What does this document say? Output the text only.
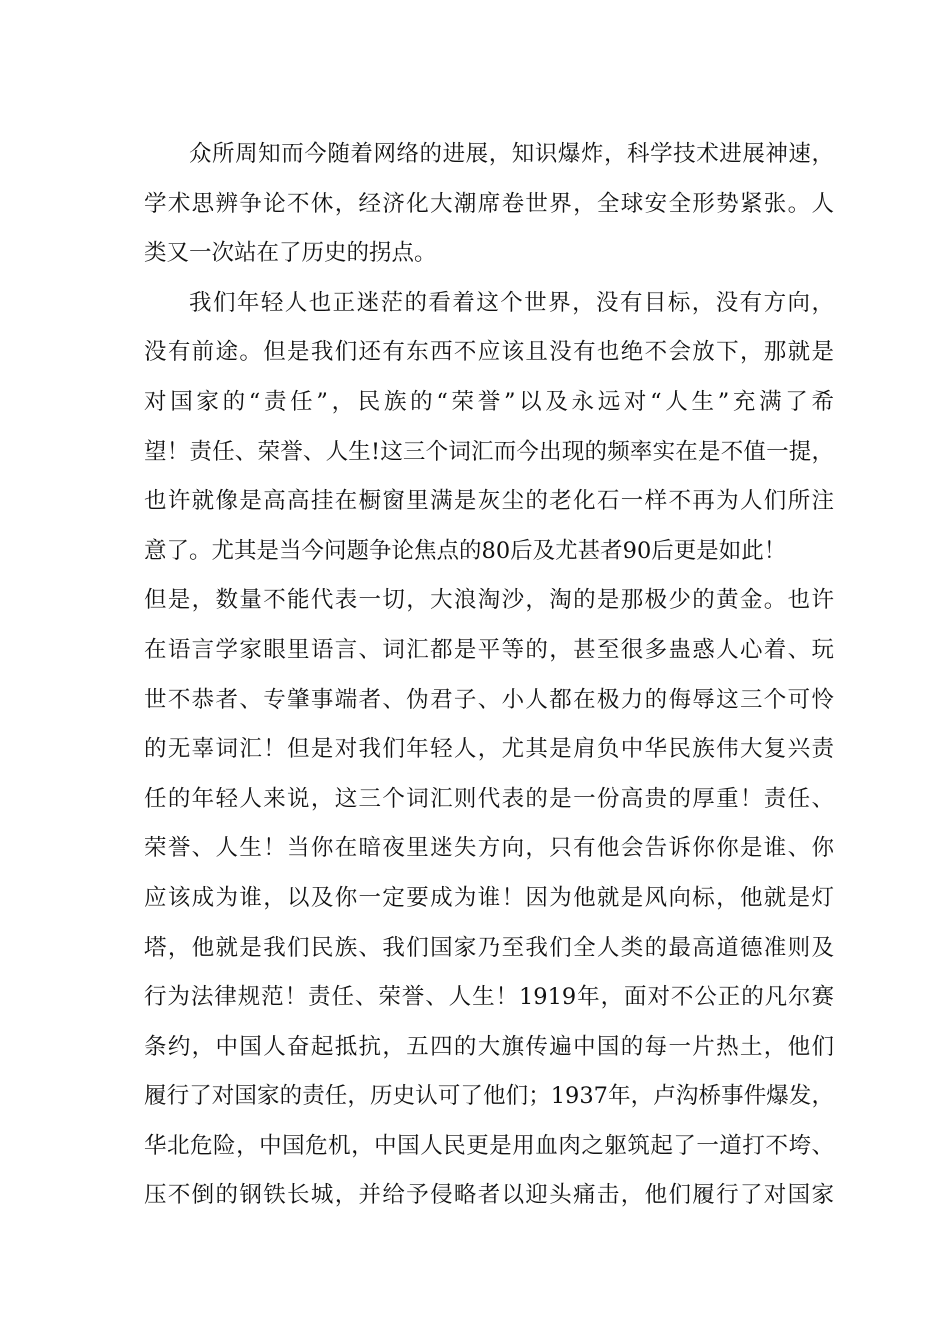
众所周知而今随着网络的进展，知识爆炸，科学技术进展神速，
学术思辨争论不休，经济化大潮席卷世界，全球安全形势紧张。人
类又一次站在了历史的拐点。

我们年轻人也正迷茫的看着这个世界，没有目标，没有方向，
没有前途。但是我们还有东西不应该且没有也绝不会放下，那就是
对国家的“责任”，民族的“荣誉”以及永远对“人生”充满了希
望！责任、荣誉、人生!这三个词汇而今出现的频率实在是不值一提，
也许就像是高高挂在橱窗里满是灰尘的老化石一样不再为人们所注
意了。尤其是当今问题争论焦点的80后及尤甚者90后更是如此！
但是，数量不能代表一切，大浪淘沙，淘的是那极少的黄金。也许
在语言学家眼里语言、词汇都是平等的，甚至很多蛊惑人心着、玩
世不恭者、专肇事端者、伪君子、小人都在极力的侮辱这三个可怜
的无辜词汇！但是对我们年轻人，尤其是肩负中华民族伟大复兴责
任的年轻人来说，这三个词汇则代表的是一份高贵的厚重！责任、
荣誉、人生！当你在暗夜里迷失方向，只有他会告诉你你是谁、你
应该成为谁，以及你一定要成为谁！因为他就是风向标，他就是灯
塔，他就是我们民族、我们国家乃至我们全人类的最高道德准则及
行为法律规范！责任、荣誉、人生！1919年，面对不公正的凡尔赛
条约，中国人奋起抵抗，五四的大旗传遍中国的每一片热土，他们
履行了对国家的责任，历史认可了他们；1937年，卢沟桥事件爆发，
华北危险，中国危机，中国人民更是用血肉之躯筑起了一道打不垮、
压不倒的钢铁长城，并给予侵略者以迎头痛击，他们履行了对国家
